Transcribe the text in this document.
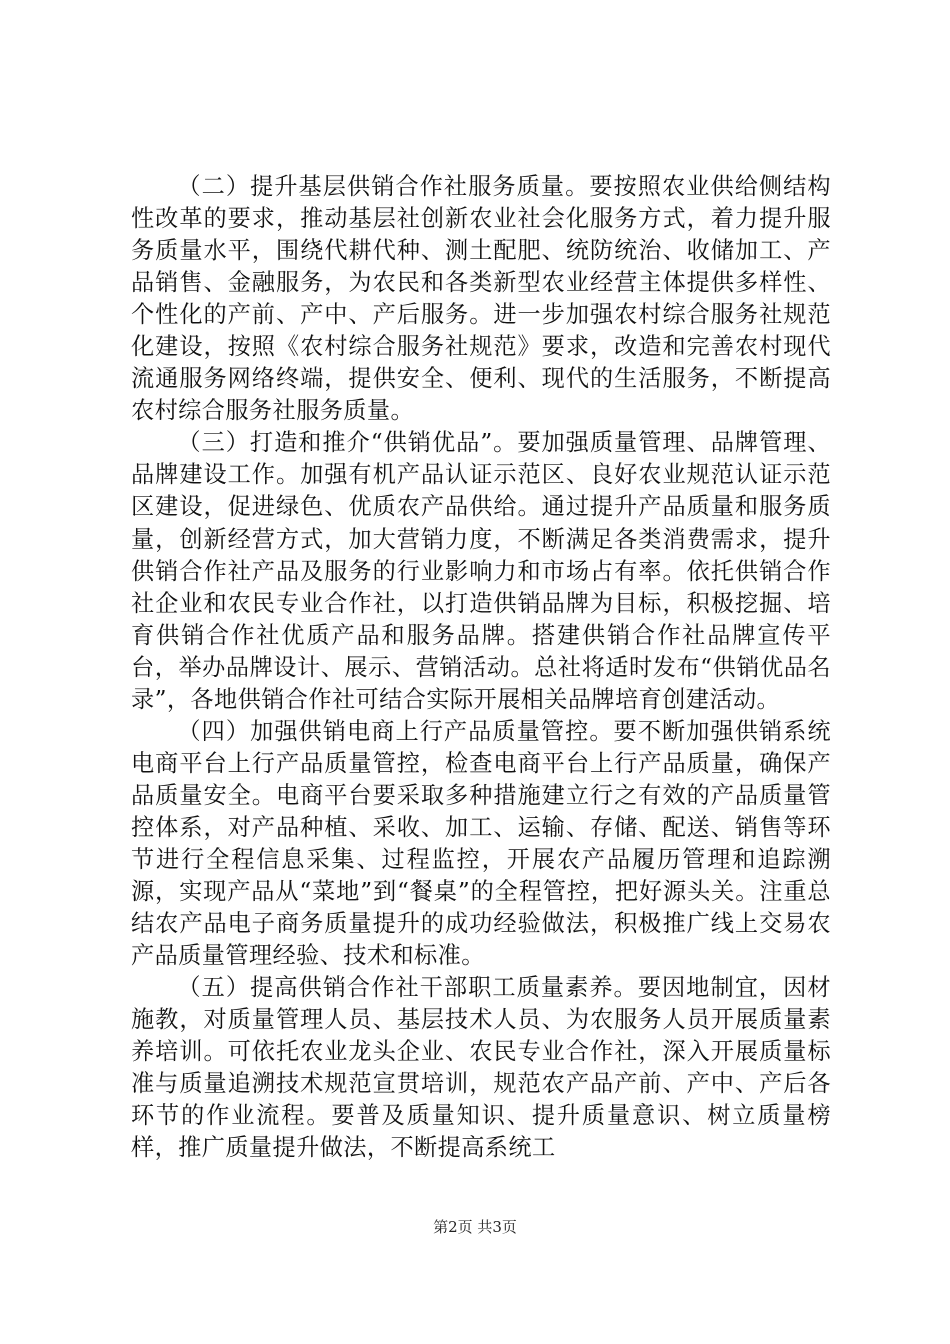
（二）提升基层供销合作社服务质量。要按照农业供给侧结构性改革的要求，推动基层社创新农业社会化服务方式，着力提升服务质量水平，围绕代耕代种、测土配肥、统防统治、收储加工、产品销售、金融服务，为农民和各类新型农业经营主体提供多样性、个性化的产前、产中、产后服务。进一步加强农村综合服务社规范化建设，按照《农村综合服务社规范》要求，改造和完善农村现代流通服务网络终端，提供安全、便利、现代的生活服务，不断提高农村综合服务社服务质量。

（三）打造和推介“供销优品”。要加强质量管理、品牌管理、品牌建设工作。加强有机产品认证示范区、良好农业规范认证示范区建设，促进绿色、优质农产品供给。通过提升产品质量和服务质量，创新经营方式，加大营销力度，不断满足各类消费需求，提升供销合作社产品及服务的行业影响力和市场占有率。依托供销合作社企业和农民专业合作社，以打造供销品牌为目标，积极挖掘、培育供销合作社优质产品和服务品牌。搭建供销合作社品牌宣传平台，举办品牌设计、展示、营销活动。总社将适时发布“供销优品名录”，各地供销合作社可结合实际开展相关品牌培育创建活动。

（四）加强供销电商上行产品质量管控。要不断加强供销系统电商平台上行产品质量管控，检查电商平台上行产品质量，确保产品质量安全。电商平台要采取多种措施建立行之有效的产品质量管控体系，对产品种植、采收、加工、运输、存储、配送、销售等环节进行全程信息采集、过程监控，开展农产品履历管理和追踪溯源，实现产品从“菜地”到“餐桌”的全程管控，把好源头关。注重总结农产品电子商务质量提升的成功经验做法，积极推广线上交易农产品质量管理经验、技术和标准。

（五）提高供销合作社干部职工质量素养。要因地制宜，因材施教，对质量管理人员、基层技术人员、为农服务人员开展质量素养培训。可依托农业龙头企业、农民专业合作社，深入开展质量标准与质量追溯技术规范宣贯培训，规范农产品产前、产中、产后各环节的作业流程。要普及质量知识、提升质量意识、树立质量榜样，推广质量提升做法，不断提高系统工

第2页 共3页
